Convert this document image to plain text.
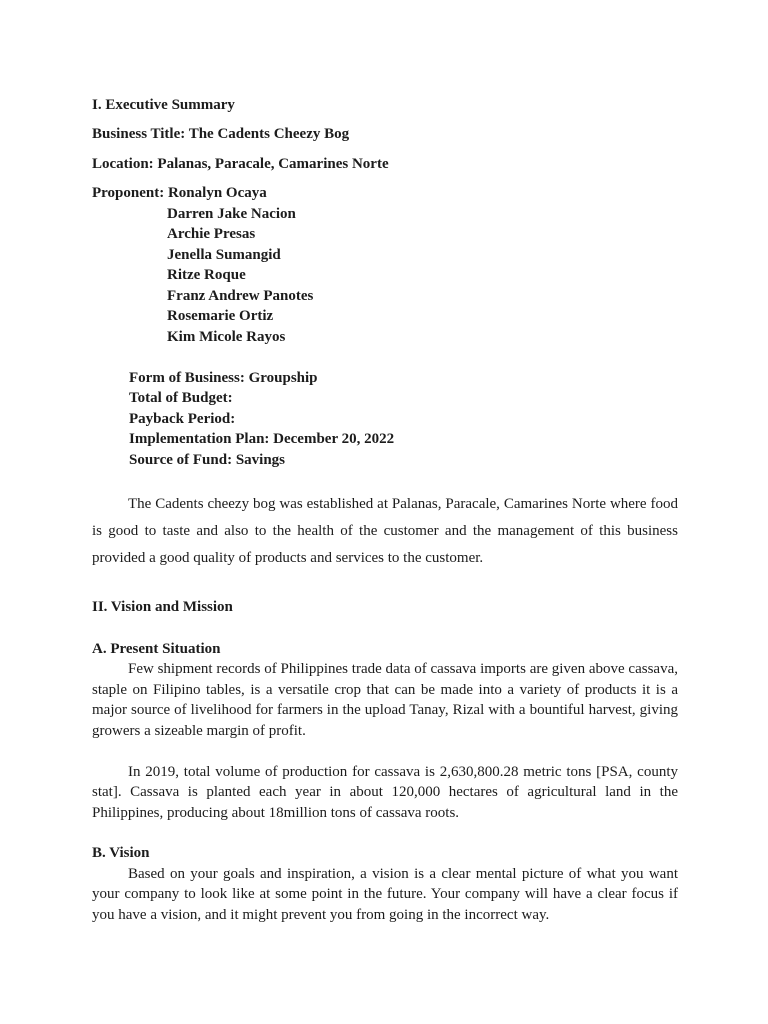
I. Executive Summary

Business Title: The Cadents Cheezy Bog

Location: Palanas, Paracale, Camarines Norte

Proponent: Ronalyn Ocaya

Darren Jake Nacion
Archie Presas
Jenella Sumangid
Ritze Roque
Franz Andrew Panotes
Rosemarie Ortiz
Kim Micole Rayos
Form of Business: Groupship
Total of Budget:
Payback Period:
Implementation Plan: December 20, 2022
Source of Fund: Savings

The Cadents cheezy bog was established at Palanas, Paracale, Camarines Norte where food is good to taste and also to the health of the customer and the management of this business provided a good quality of products and services to the customer.

II. Vision and Mission

A. Present Situation

Few shipment records of Philippines trade data of cassava imports are given above cassava, staple on Filipino tables, is a versatile crop that can be made into a variety of products it is a major source of livelihood for farmers in the upload Tanay, Rizal with a bountiful harvest, giving growers a sizeable margin of profit.

In 2019, total volume of production for cassava is 2,630,800.28 metric tons [PSA, county stat]. Cassava is planted each year in about 120,000 hectares of agricultural land in the Philippines, producing about 18million tons of cassava roots.

B. Vision

Based on your goals and inspiration, a vision is a clear mental picture of what you want your company to look like at some point in the future. Your company will have a clear focus if you have a vision, and it might prevent you from going in the incorrect way.
